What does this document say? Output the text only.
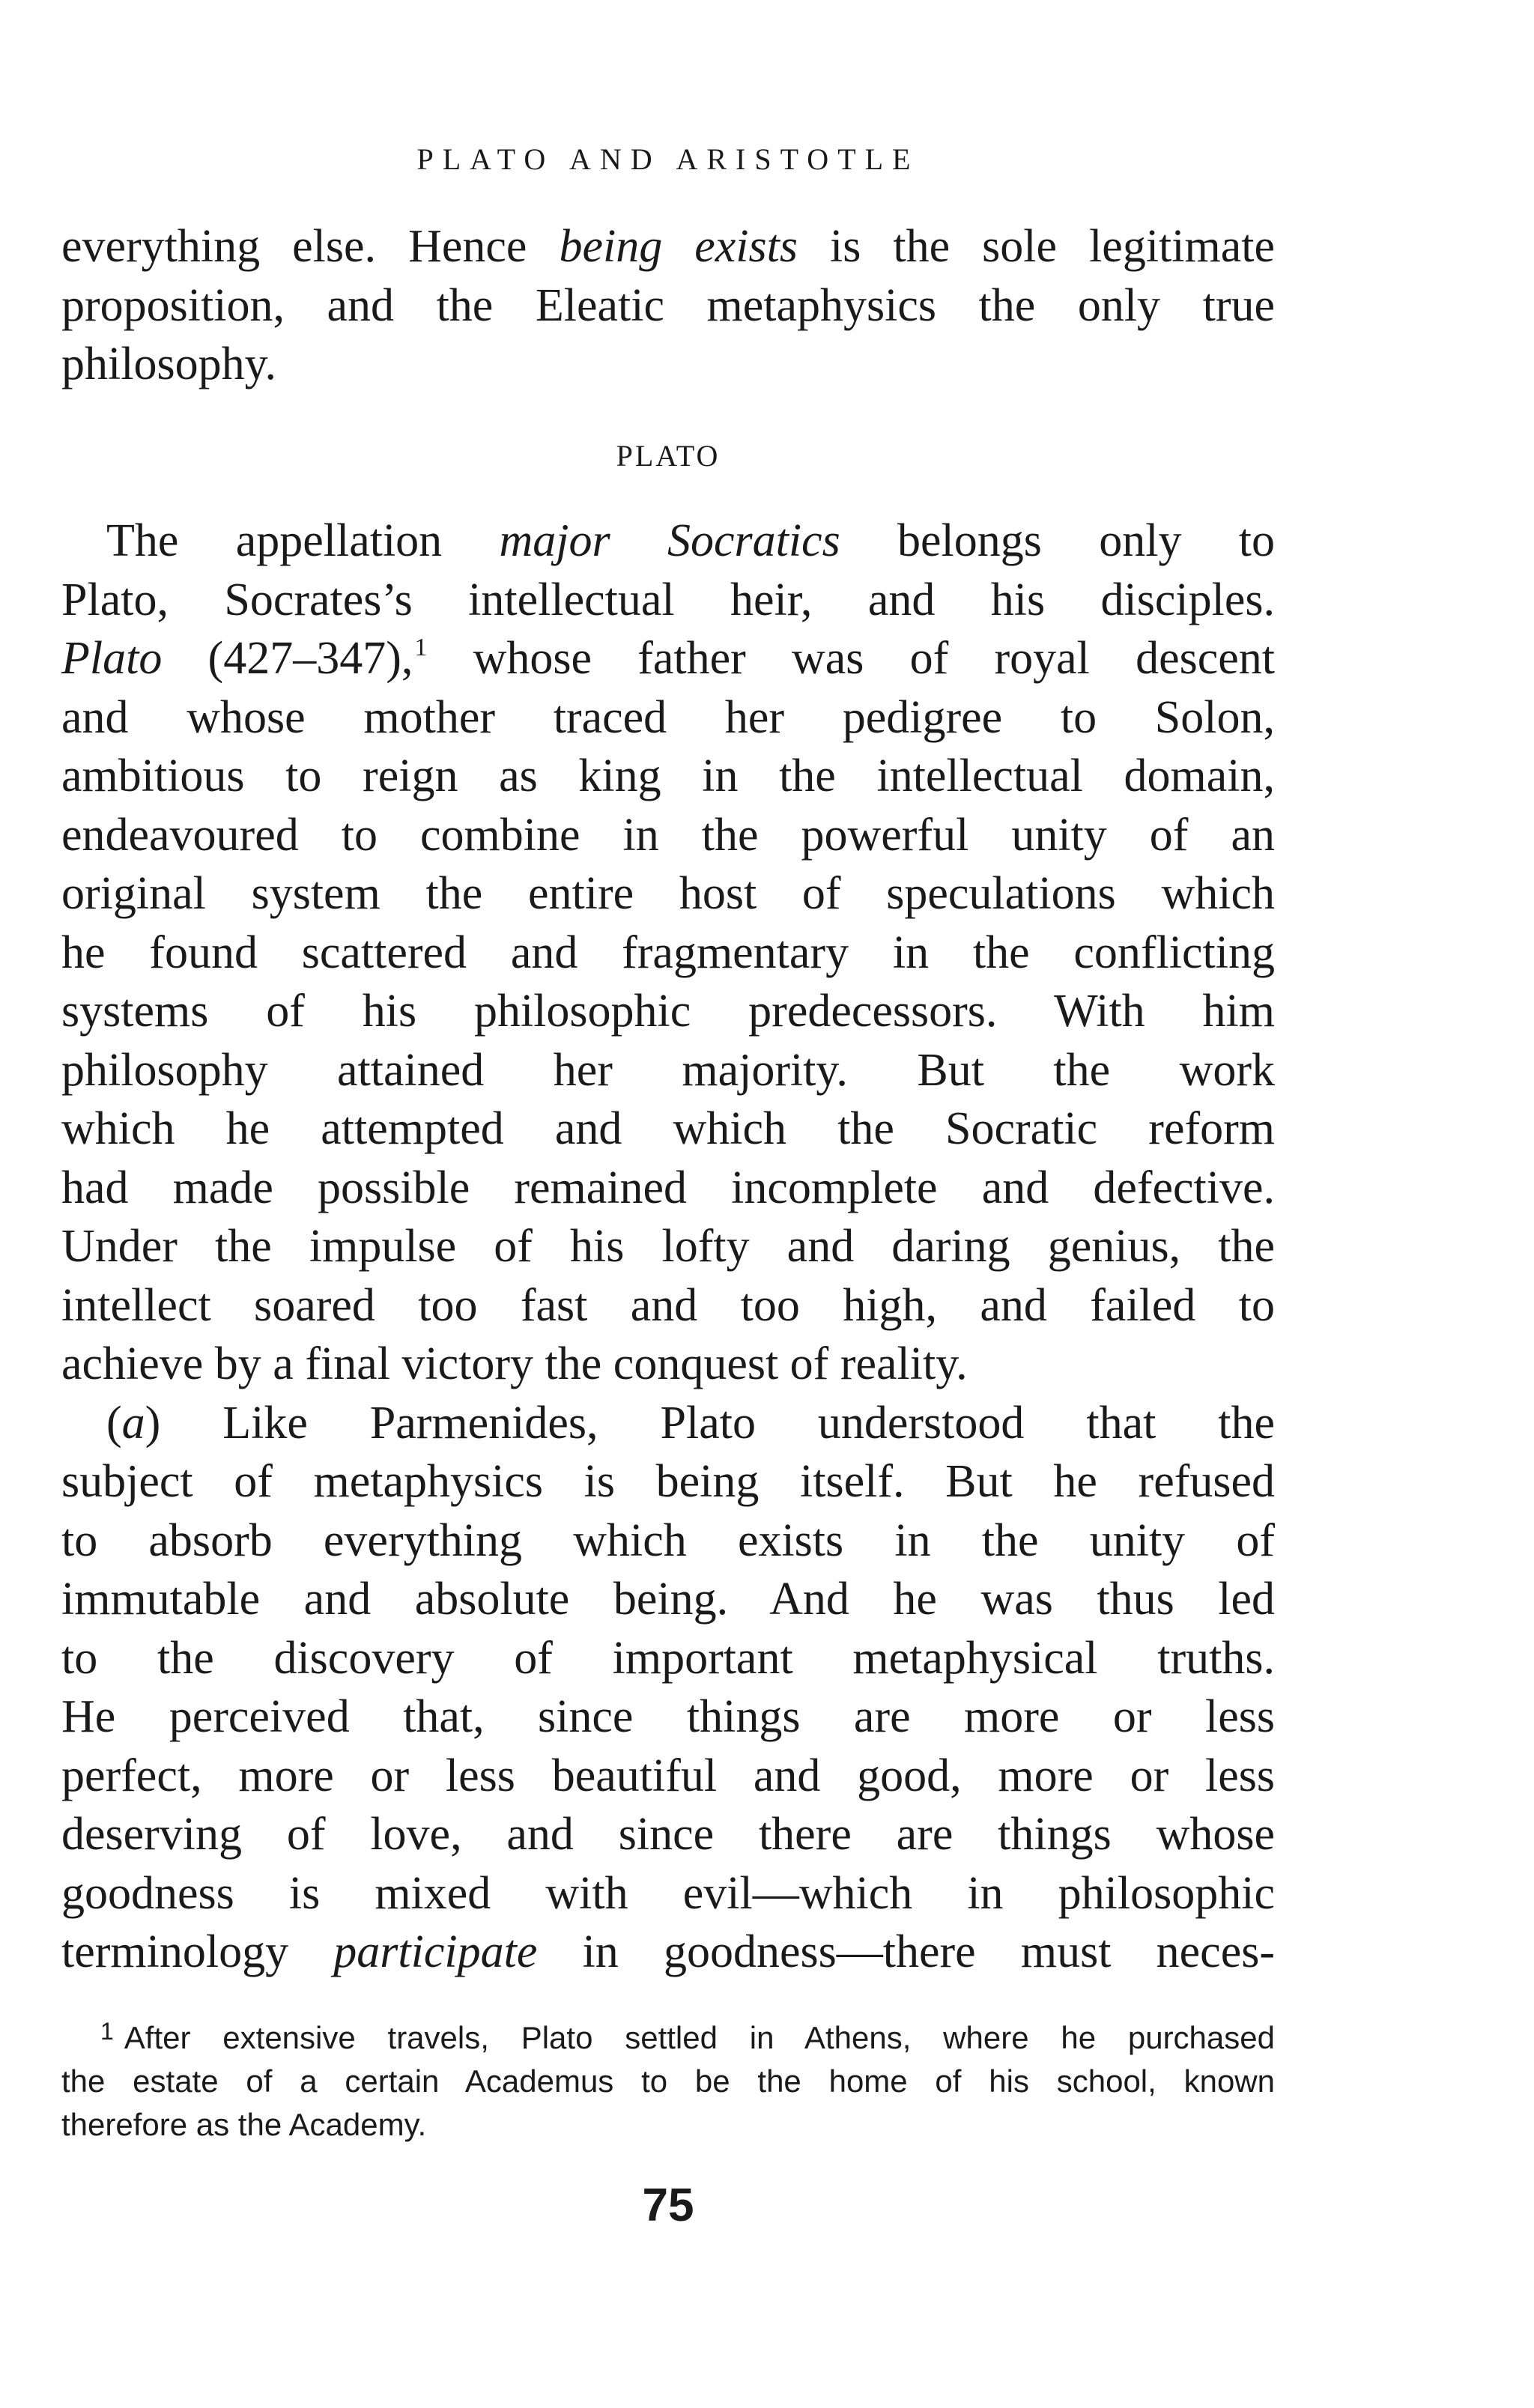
PLATO AND ARISTOTLE
everything else. Hence being exists is the sole legitimate
proposition, and the Eleatic metaphysics the only true
philosophy.
PLATO
The appellation major Socratics belongs only to
Plato, Socrates’s intellectual heir, and his disciples.
Plato (427–347),$^1$ whose father was of royal descent
and whose mother traced her pedigree to Solon,
ambitious to reign as king in the intellectual domain,
endeavoured to combine in the powerful unity of an
original system the entire host of speculations which
he found scattered and fragmentary in the conflicting
systems of his philosophic predecessors. With him
philosophy attained her majority. But the work
which he attempted and which the Socratic reform
had made possible remained incomplete and defective.
Under the impulse of his lofty and daring genius, the
intellect soared too fast and too high, and failed to
achieve by a final victory the conquest of reality.
(a) Like Parmenides, Plato understood that the
subject of metaphysics is being itself. But he refused
to absorb everything which exists in the unity of
immutable and absolute being. And he was thus led
to the discovery of important metaphysical truths.
He perceived that, since things are more or less
perfect, more or less beautiful and good, more or less
deserving of love, and since there are things whose
goodness is mixed with evil—which in philosophic
terminology participate in goodness—there must neces-
$^1$ After extensive travels, Plato settled in Athens, where he purchased
the estate of a certain Academus to be the home of his school, known
therefore as the Academy.
75
